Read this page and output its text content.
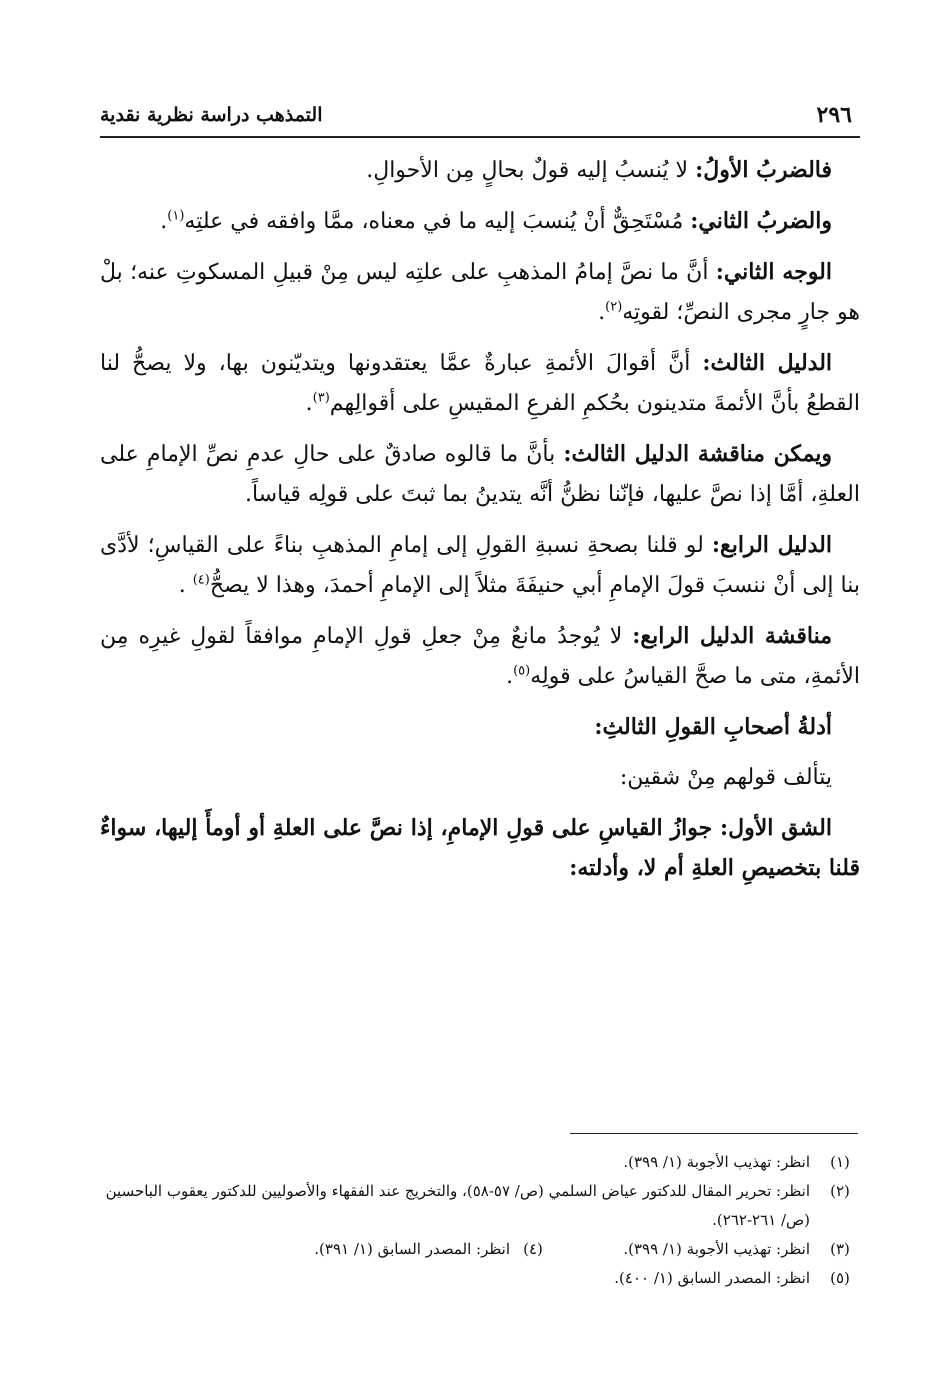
٢٩٦
التمذهب دراسة نظرية نقدية

فالضربُ الأولُ: لا يُنسبُ إليه قولٌ بحالٍ مِن الأحوالِ.

والضربُ الثاني: مُسْتَحِقٌّ أنْ يُنسبَ إليه ما في معناه، ممَّا وافقه في علتِه$^{(١)}$.

الوجه الثاني: أنَّ ما نصَّ إمامُ المذهبِ على علتِه ليس مِنْ قبيلِ المسكوتِ عنه؛ بلْ هو جارٍ مجرى النصِّ؛ لقوتِه$^{(٢)}$.

الدليل الثالث: أنَّ أقوالَ الأئمةِ عبارةٌ عمَّا يعتقدونها ويتديّنون بها، ولا يصحُّ لنا القطعُ بأنَّ الأئمةَ متدينون بحُكمِ الفرعِ المقيسِ على أقوالِهم$^{(٣)}$.

ويمكن مناقشة الدليل الثالث: بأنَّ ما قالوه صادقٌ على حالِ عدمِ نصِّ الإمامِ على العلةِ، أمَّا إذا نصَّ عليها، فإنّنا نظنُّ أنَّه يتدينُ بما ثبتَ على قولِه قياساً.

الدليل الرابع: لو قلنا بصحةِ نسبةِ القولِ إلى إمامِ المذهبِ بناءً على القياسِ؛ لأدَّى بنا إلى أنْ ننسبَ قولَ الإمامِ أبي حنيفَةَ مثلاً إلى الإمامِ أحمدَ، وهذا لا يصحُّ$^{(٤)}$ .

مناقشة الدليل الرابع: لا يُوجدُ مانعٌ مِنْ جعلِ قولِ الإمامِ موافقاً لقولِ غيرِه مِن الأئمةِ، متى ما صحَّ القياسُ على قولِه$^{(٥)}$.

أدلةُ أصحابِ القولِ الثالثِ:

يتألف قولهم مِنْ شقين:

الشق الأول: جوازُ القياسِ على قولِ الإمامِ، إذا نصَّ على العلةِ أو أومأَ إليها، سواءٌ قلنا بتخصيصِ العلةِ أم لا، وأدلته:

(١)
انظر: تهذيب الأجوبة (١/ ٣٩٩).
(٢)
انظر: تحرير المقال للدكتور عياض السلمي (ص/ ٥٧-٥٨)، والتخريج عند الفقهاء والأصوليين للدكتور يعقوب الباحسين (ص/ ٢٦١-٢٦٢).
(٣)
انظر: تهذيب الأجوبة (١/ ٣٩٩).
(٤)
انظر: المصدر السابق (١/ ٣٩١).
(٥)
انظر: المصدر السابق (١/ ٤٠٠).
